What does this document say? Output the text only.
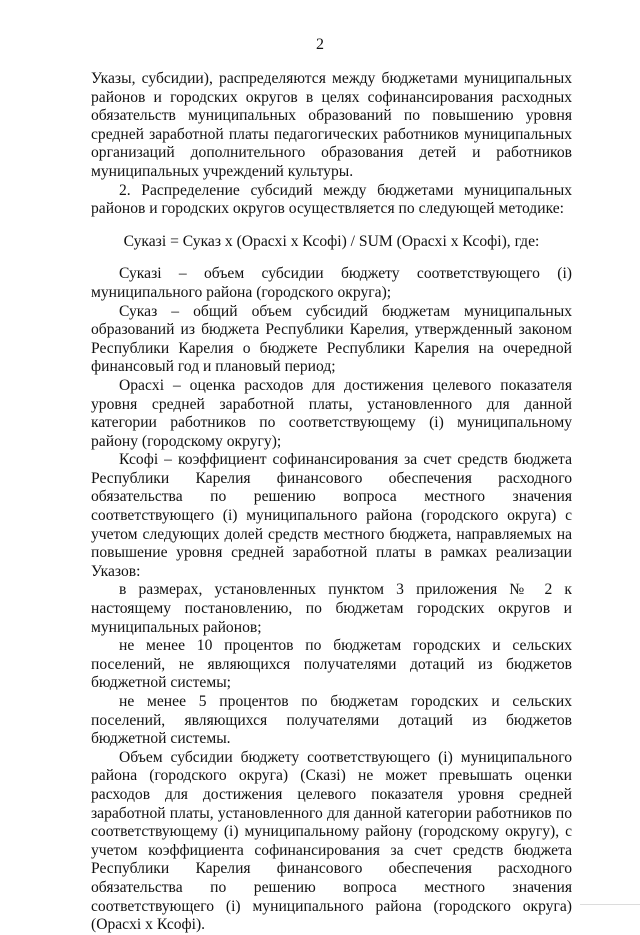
2

Указы, субсидии), распределяются между бюджетами муниципальных районов и городских округов в целях софинансирования расходных обязательств муниципальных образований по повышению уровня средней заработной платы педагогических работников муниципальных организаций дополнительного образования детей и работников муниципальных учреждений культуры.

2. Распределение субсидий между бюджетами муниципальных районов и городских округов осуществляется по следующей методике:

Суказі = Суказ x (Орасxі x Ксофі) / SUM (Орасxі x Ксофі), где:

Суказі – объем субсидии бюджету соответствующего (і) муниципального района (городского округа);

Суказ – общий объем субсидий бюджетам муниципальных образований из бюджета Республики Карелия, утвержденный законом Республики Карелия о бюджете Республики Карелия на очередной финансовый год и плановый период;

Орасxі – оценка расходов для достижения целевого показателя уровня средней заработной платы, установленного для данной категории работников по соответствующему (і) муниципальному району (городскому округу);

Ксофі – коэффициент софинансирования за счет средств бюджета Республики Карелия финансового обеспечения расходного обязательства по решению вопроса местного значения соответствующего (і) муниципального района (городского округа) с учетом следующих долей средств местного бюджета, направляемых на повышение уровня средней заработной платы в рамках реализации Указов:

в размерах, установленных пунктом 3 приложения № 2 к настоящему постановлению, по бюджетам городских округов и муниципальных районов;

не менее 10 процентов по бюджетам городских и сельских поселений, не являющихся получателями дотаций из бюджетов бюджетной системы;

не менее 5 процентов по бюджетам городских и сельских поселений, являющихся получателями дотаций из бюджетов бюджетной системы.

Объем субсидии бюджету соответствующего (і) муниципального района (городского округа) (Сказі) не может превышать оценки расходов для достижения целевого показателя уровня средней заработной платы, установленного для данной категории работников по соответствующему (і) муниципальному району (городскому округу), с учетом коэффициента софинансирования за счет средств бюджета Республики Карелия финансового обеспечения расходного обязательства по решению вопроса местного значения соответствующего (і) муниципального района (городского округа) (Орасxі x Ксофі).
